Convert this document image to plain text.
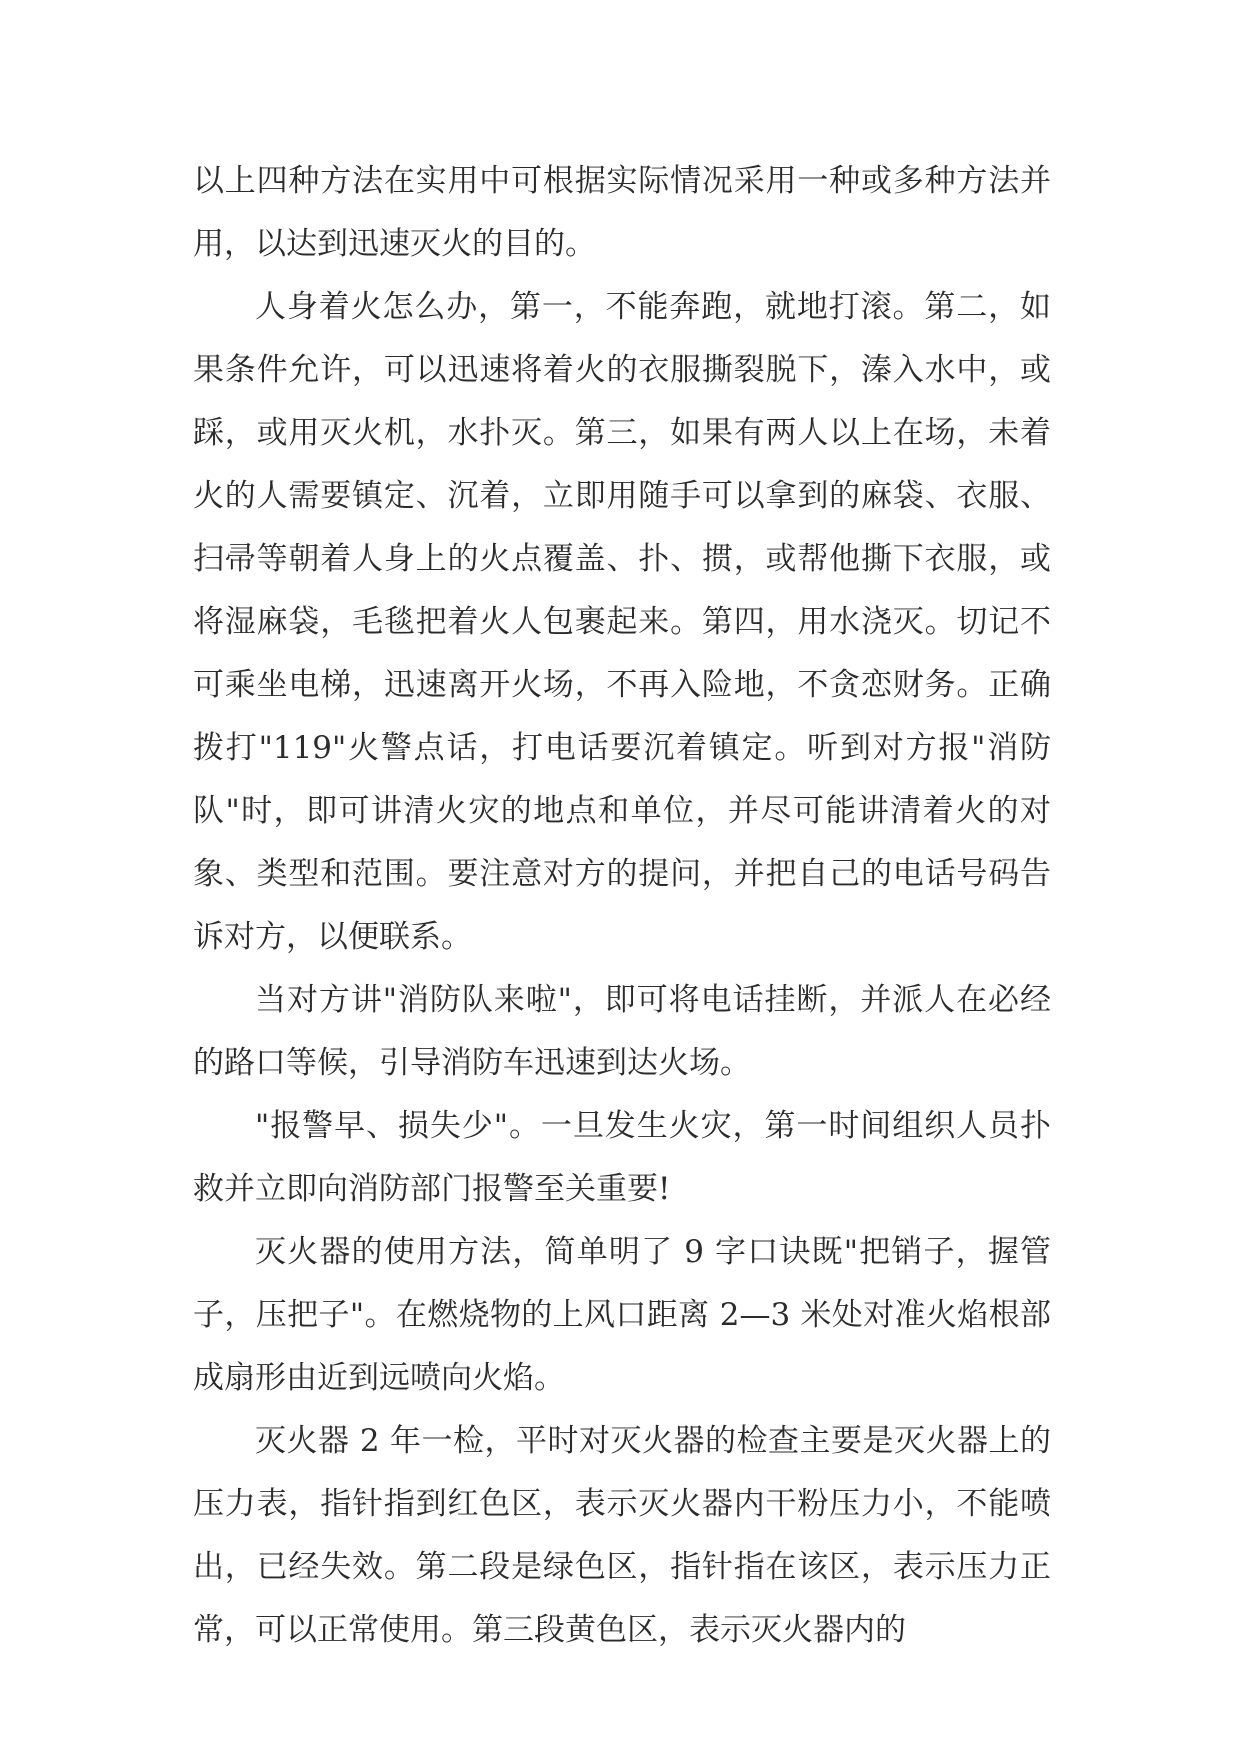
以上四种方法在实用中可根据实际情况采用一种或多种方法并用，以达到迅速灭火的目的。

人身着火怎么办，第一，不能奔跑，就地打滚。第二，如果条件允许，可以迅速将着火的衣服撕裂脱下，溱入水中，或踩，或用灭火机，水扑灭。第三，如果有两人以上在场，未着火的人需要镇定、沉着，立即用随手可以拿到的麻袋、衣服、扫帚等朝着人身上的火点覆盖、扑、掼，或帮他撕下衣服，或将湿麻袋，毛毯把着火人包裹起来。第四，用水浇灭。切记不可乘坐电梯，迅速离开火场，不再入险地，不贪恋财务。正确拨打"119"火警点话，打电话要沉着镇定。听到对方报"消防队"时，即可讲清火灾的地点和单位，并尽可能讲清着火的对象、类型和范围。要注意对方的提问，并把自己的电话号码告诉对方，以便联系。

当对方讲"消防队来啦"，即可将电话挂断，并派人在必经的路口等候，引导消防车迅速到达火场。

"报警早、损失少"。一旦发生火灾，第一时间组织人员扑救并立即向消防部门报警至关重要!

灭火器的使用方法，简单明了 9 字口诀既"把销子，握管子，压把子"。在燃烧物的上风口距离 2—3 米处对准火焰根部成扇形由近到远喷向火焰。

灭火器 2 年一检，平时对灭火器的检查主要是灭火器上的压力表，指针指到红色区，表示灭火器内干粉压力小，不能喷出，已经失效。第二段是绿色区，指针指在该区，表示压力正常，可以正常使用。第三段黄色区，表示灭火器内的
